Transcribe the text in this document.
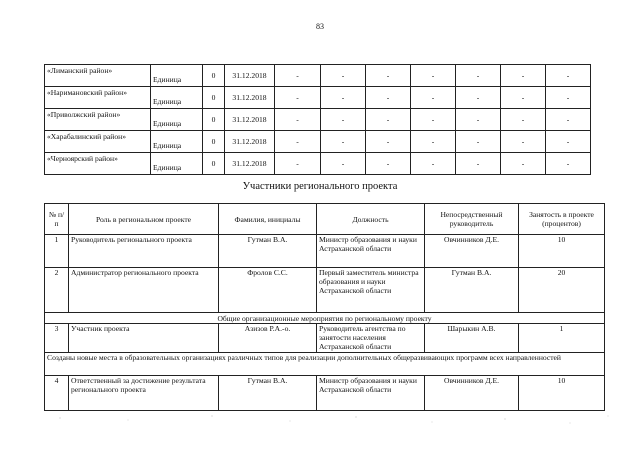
83
«Лиманский район»	Единица	0	31.12.2018	-	-	-	-	-	-	-
«Наримановский район»	Единица	0	31.12.2018	-	-	-	-	-	-	-
«Приволжский район»	Единица	0	31.12.2018	-	-	-	-	-	-	-
«Харабалинский район»	Единица	0	31.12.2018	-	-	-	-	-	-	-
«Черноярский район»	Единица	0	31.12.2018	-	-	-	-	-	-	-
Участники регионального проекта
№ п/п	Роль в региональном проекте	Фамилия, инициалы	Должность	Непосредственный руководитель	Занятость в проекте (процентов)
1	Руководитель регионального проекта	Гутман В.А.	Министр образования и науки Астраханской области	Овчинников Д.Е.	10
2	Администратор регионального проекта	Фролов С.С.	Первый заместитель министра образования и науки Астраханской области	Гутман В.А.	20
Общие организационные мероприятия по региональному проекту					
3	Участник проекта	Азизов Р.А.-о.	Руководитель агентства по занятости населения Астраханской области	Шарыкин А.В.	1
Созданы новые места в образовательных организациях различных типов для реализации дополнительных общеразвивающих программ всех направленностей					
4	Ответственный за достижение результата регионального проекта	Гутман В.А.	Министр образования и науки Астраханской области	Овчинников Д.Е.	10
